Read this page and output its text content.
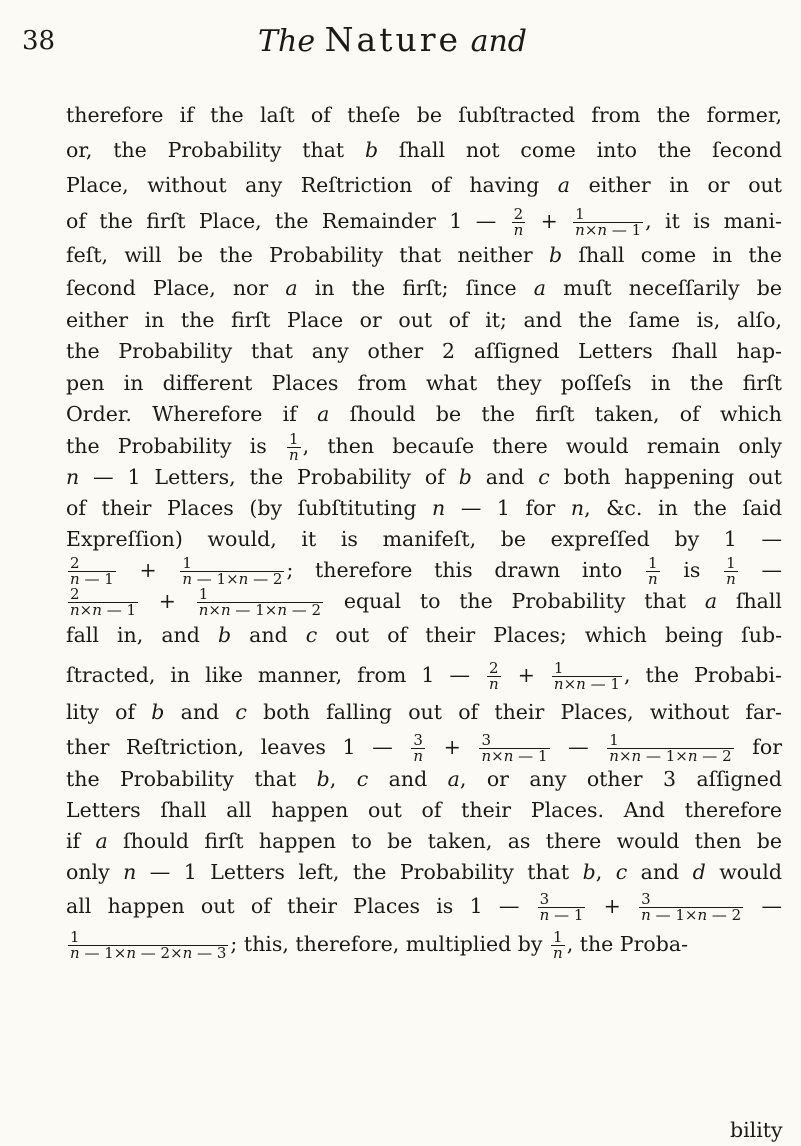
38	The Nature and
therefore if the laſt of theſe be ſubſtracted from the former,
or, the Probability that b ſhall not come into the ſecond
Place, without any Reſtriction of having a either in or out
of the firſt Place, the Remainder 1 — $\frac{2}{n} + \frac{1}{n\times n — 1}$ , it is mani-
feſt, will be the Probability that neither b ſhall come in the
ſecond Place, nor a in the firſt; ſince a muſt neceſſarily be
either in the firſt Place or out of it; and the ſame is, alſo,
the Probability that any other 2 aſſigned Letters ſhall hap-
pen in different Places from what they poſſeſs in the firſt
Order. Wherefore if a ſhould be the firſt taken, of which
the Probability is $\frac{1}{n}$ , then becauſe there would remain only
n — 1 Letters, the Probability of b and c both happening out
of their Places (by ſubſtituting n — 1 for n, &c. in the ſaid
Expreſſion) would, it is manifeſt, be expreſſed by 1 —
$\frac{2}{n — 1} + \frac{1}{n — 1\times n — 2}$ ; therefore this drawn into $\frac{1}{n}$ is $\frac{1}{n}$ —
$\frac{2}{n\times n — 1} + \frac{1}{n\times n — 1\times n — 2}$ equal to the Probability that a ſhall
fall in, and b and c out of their Places; which being ſub-
ſtracted, in like manner, from 1 — $\frac{2}{n} + \frac{1}{n\times n — 1}$ , the Probabi-
lity of b and c both falling out of their Places, without far-
ther Reſtriction, leaves 1 — $\frac{3}{n} + \frac{3}{n\times n — 1}$ — $\frac{1}{n\times n — 1\times n — 2}$ for
the Probability that b, c and a, or any other 3 aſſigned
Letters ſhall all happen out of their Places. And therefore
if a ſhould firſt happen to be taken, as there would then be
only n — 1 Letters left, the Probability that b, c and d would
all happen out of their Places is 1 — $\frac{3}{n — 1} + \frac{3}{n — 1\times n — 2}$ —
$\frac{1}{n — 1\times n — 2\times n — 3}$ ; this, therefore, multiplied by $\frac{1}{n}$ , the Proba-
bility
